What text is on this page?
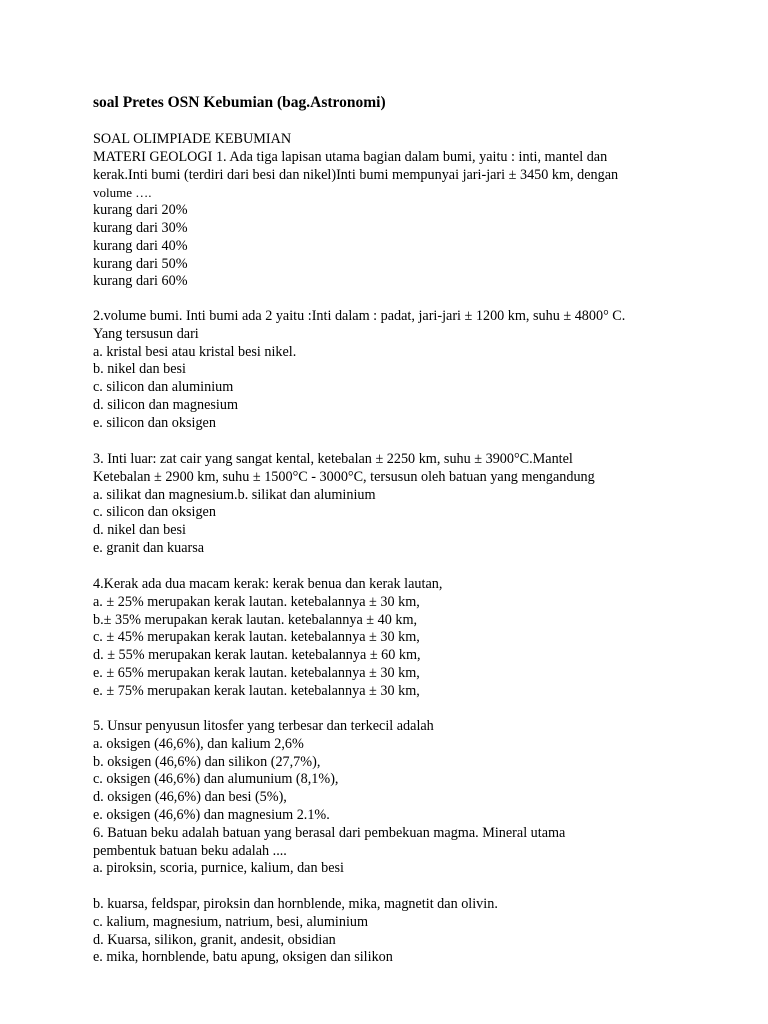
soal Pretes OSN Kebumian (bag.Astronomi)
SOAL OLIMPIADE KEBUMIAN
MATERI GEOLOGI 1. Ada tiga lapisan utama bagian dalam bumi, yaitu : inti, mantel dan
kerak.Inti bumi (terdiri dari besi dan nikel)Inti bumi mempunyai jari-jari ± 3450 km, dengan
volume ….
kurang dari 20%
kurang dari 30%
kurang dari 40%
kurang dari 50%
kurang dari 60%
2.volume bumi. Inti bumi ada 2 yaitu :Inti dalam : padat, jari-jari ± 1200 km, suhu ± 4800° C.
Yang tersusun dari
a. kristal besi atau kristal besi nikel.
b. nikel dan besi
c. silicon dan aluminium
d. silicon dan magnesium
e. silicon dan oksigen
3. Inti luar: zat cair yang sangat kental, ketebalan ± 2250 km, suhu ± 3900°C.Mantel
Ketebalan ± 2900 km, suhu ± 1500°C - 3000°C, tersusun oleh batuan yang mengandung
a. silikat dan magnesium.b. silikat dan aluminium
c. silicon dan oksigen
d. nikel dan besi
e. granit dan kuarsa
4.Kerak ada dua macam kerak: kerak benua dan kerak lautan,
a. ± 25% merupakan kerak lautan. ketebalannya ± 30 km,
b.± 35% merupakan kerak lautan. ketebalannya ± 40 km,
c. ± 45% merupakan kerak lautan. ketebalannya ± 30 km,
d. ± 55% merupakan kerak lautan. ketebalannya ± 60 km,
e. ± 65% merupakan kerak lautan. ketebalannya ± 30 km,
e. ± 75% merupakan kerak lautan. ketebalannya ± 30 km,
5. Unsur penyusun litosfer yang terbesar dan terkecil adalah
a. oksigen (46,6%), dan kalium 2,6%
b. oksigen (46,6%) dan silikon (27,7%),
c. oksigen (46,6%) dan alumunium (8,1%),
d. oksigen (46,6%) dan besi (5%),
e. oksigen (46,6%) dan magnesium 2.1%.
6. Batuan beku adalah batuan yang berasal dari pembekuan magma. Mineral utama
pembentuk batuan beku adalah ....
a. piroksin, scoria, purnice, kalium, dan besi
b. kuarsa, feldspar, piroksin dan hornblende, mika, magnetit dan olivin.
c. kalium, magnesium, natrium, besi, aluminium
d. Kuarsa, silikon, granit, andesit, obsidian
e. mika, hornblende, batu apung, oksigen dan silikon
